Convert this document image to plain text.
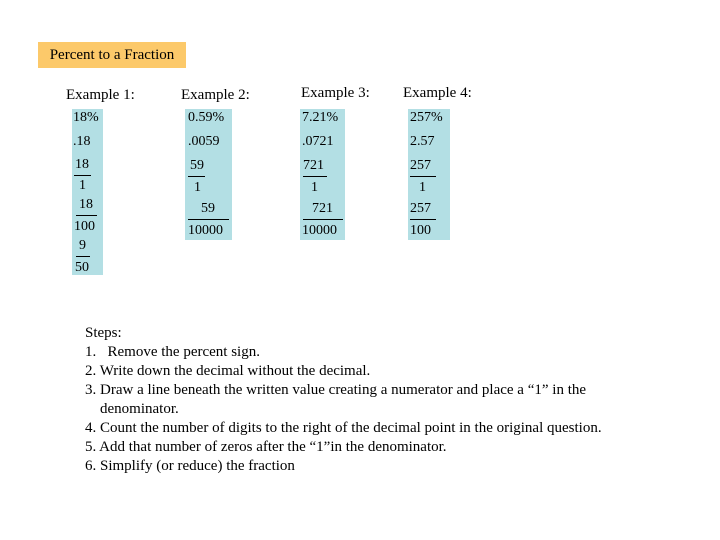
Percent to a Fraction
Example 1:	Example 2:	Example 3: Example 4:
18%
.18
18
1
18
100
9
50
0.59%
.0059
59
1
59
10000
7.21%
.0721
721
1
721
10000
257%
2.57
257
1
257
100
Steps:
1.   Remove the percent sign.
2. Write down the decimal without the decimal.
3. Draw a line beneath the written value creating a numerator and place a “1” in the
denominator.
4. Count the number of digits to the right of the decimal point in the original question.
5. Add that number of zeros after the “1”in the denominator.
6. Simplify (or reduce) the fraction
